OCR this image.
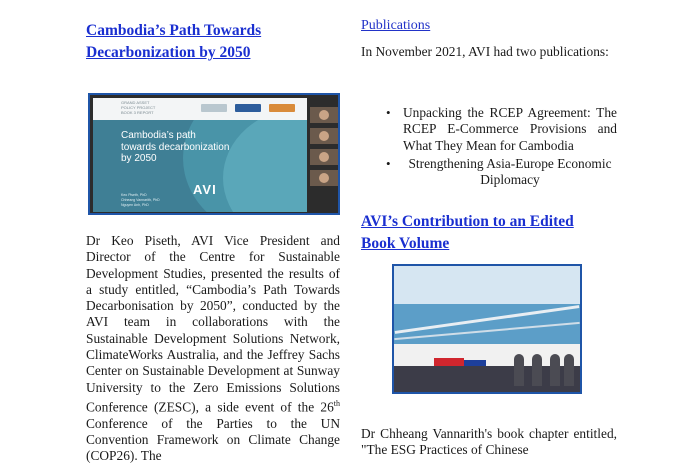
Cambodia’s Path Towards
Decarbonization by 2050
GRAND ASSET
POLICY PROJECT
BOOK 3 REPORT
Cambodia’s path towards decarbonization by 2050
AVI
Keo Piseth, PhD
Chheang Vannarith, PhD
Nguyen Anh, PhD
Dr Keo Piseth, AVI Vice President and Director of the Centre for Sustainable Development Studies, presented the results of a study entitled, “Cambodia’s Path Towards Decarbonisation by 2050”, conducted by the AVI team in collaborations with the Sustainable Development Solutions Network, ClimateWorks Australia, and the Jeffrey Sachs Center on Sustainable Development at Sunway University to the Zero Emissions Solutions Conference (ZESC), a side event of the 26th Conference of the Parties to the UN Convention Framework on Climate Change (COP26). The
Publications
In November 2021, AVI had two publications:
• Unpacking the RCEP Agreement: The RCEP E-Commerce Provisions and What They Mean for Cambodia
• Strengthening Asia-Europe Economic Diplomacy
AVI’s Contribution to an Edited
Book Volume
Dr Chheang Vannarith's book chapter entitled, "The ESG Practices of Chinese
